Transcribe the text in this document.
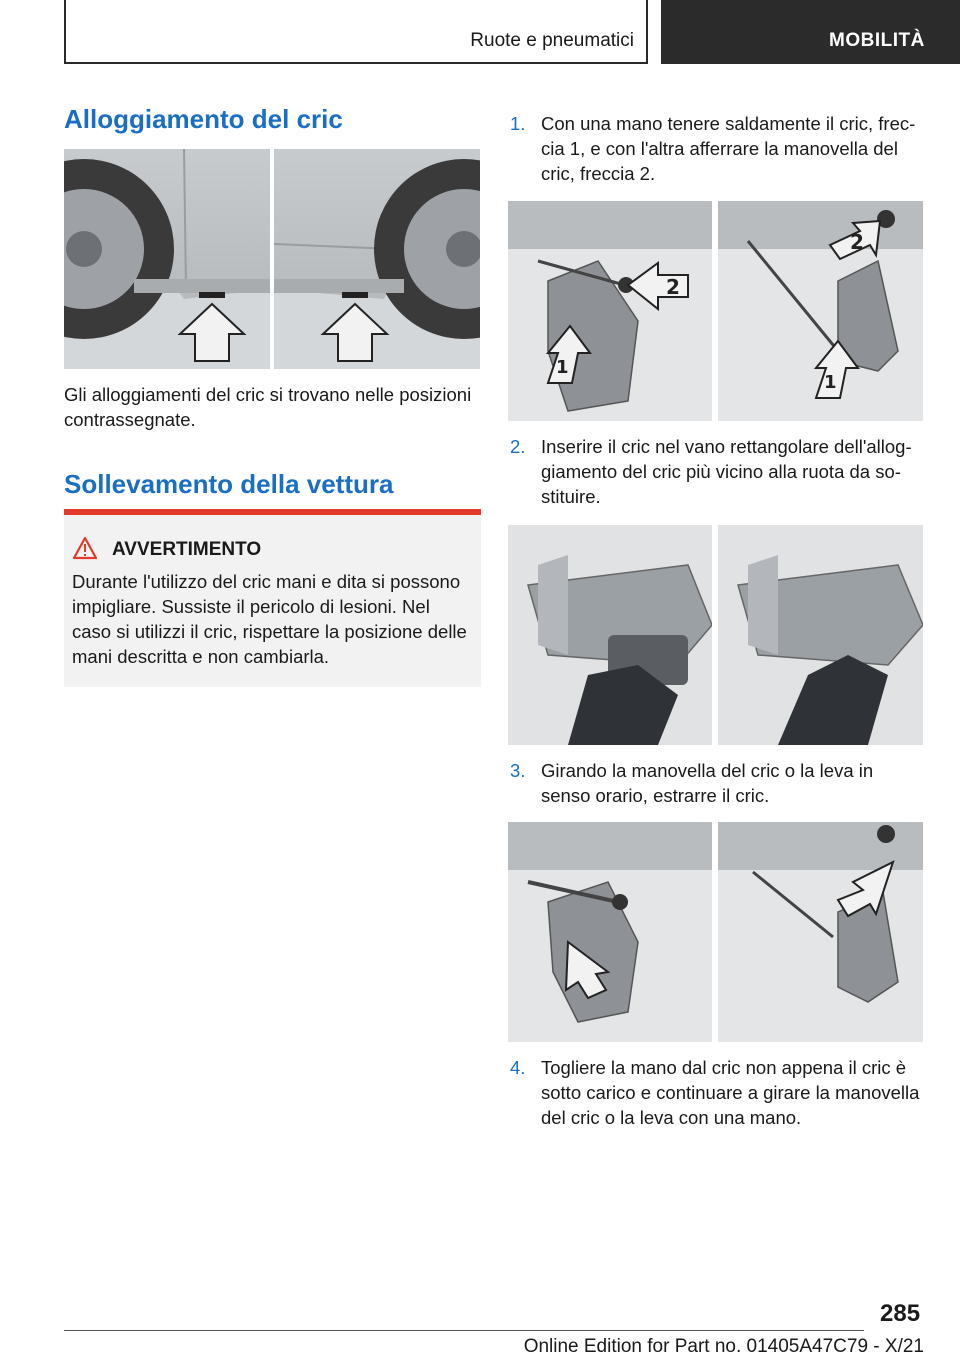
Ruote e pneumatici	MOBILITÀ
Alloggiamento del cric
Gli alloggiamenti del cric si trovano nelle posizioni
contrassegnate.
Sollevamento della vettura
AVVERTIMENTO
Durante l'utilizzo del cric mani e dita si possono
impigliare. Sussiste il pericolo di lesioni. Nel
caso si utilizzi il cric, rispettare la posizione delle
mani descritta e non cambiarla.
1. Con una mano tenere saldamente il cric, frec-
cia 1, e con l'altra afferrare la manovella del
cric, freccia 2.
2
1
2
1
2. Inserire il cric nel vano rettangolare dell'allog-
giamento del cric più vicino alla ruota da so-
stituire.
3. Girando la manovella del cric o la leva in
senso orario, estrarre il cric.
4. Togliere la mano dal cric non appena il cric è
sotto carico e continuare a girare la manovella
del cric o la leva con una mano.
285
Online Edition for Part no. 01405A47C79 - X/21
